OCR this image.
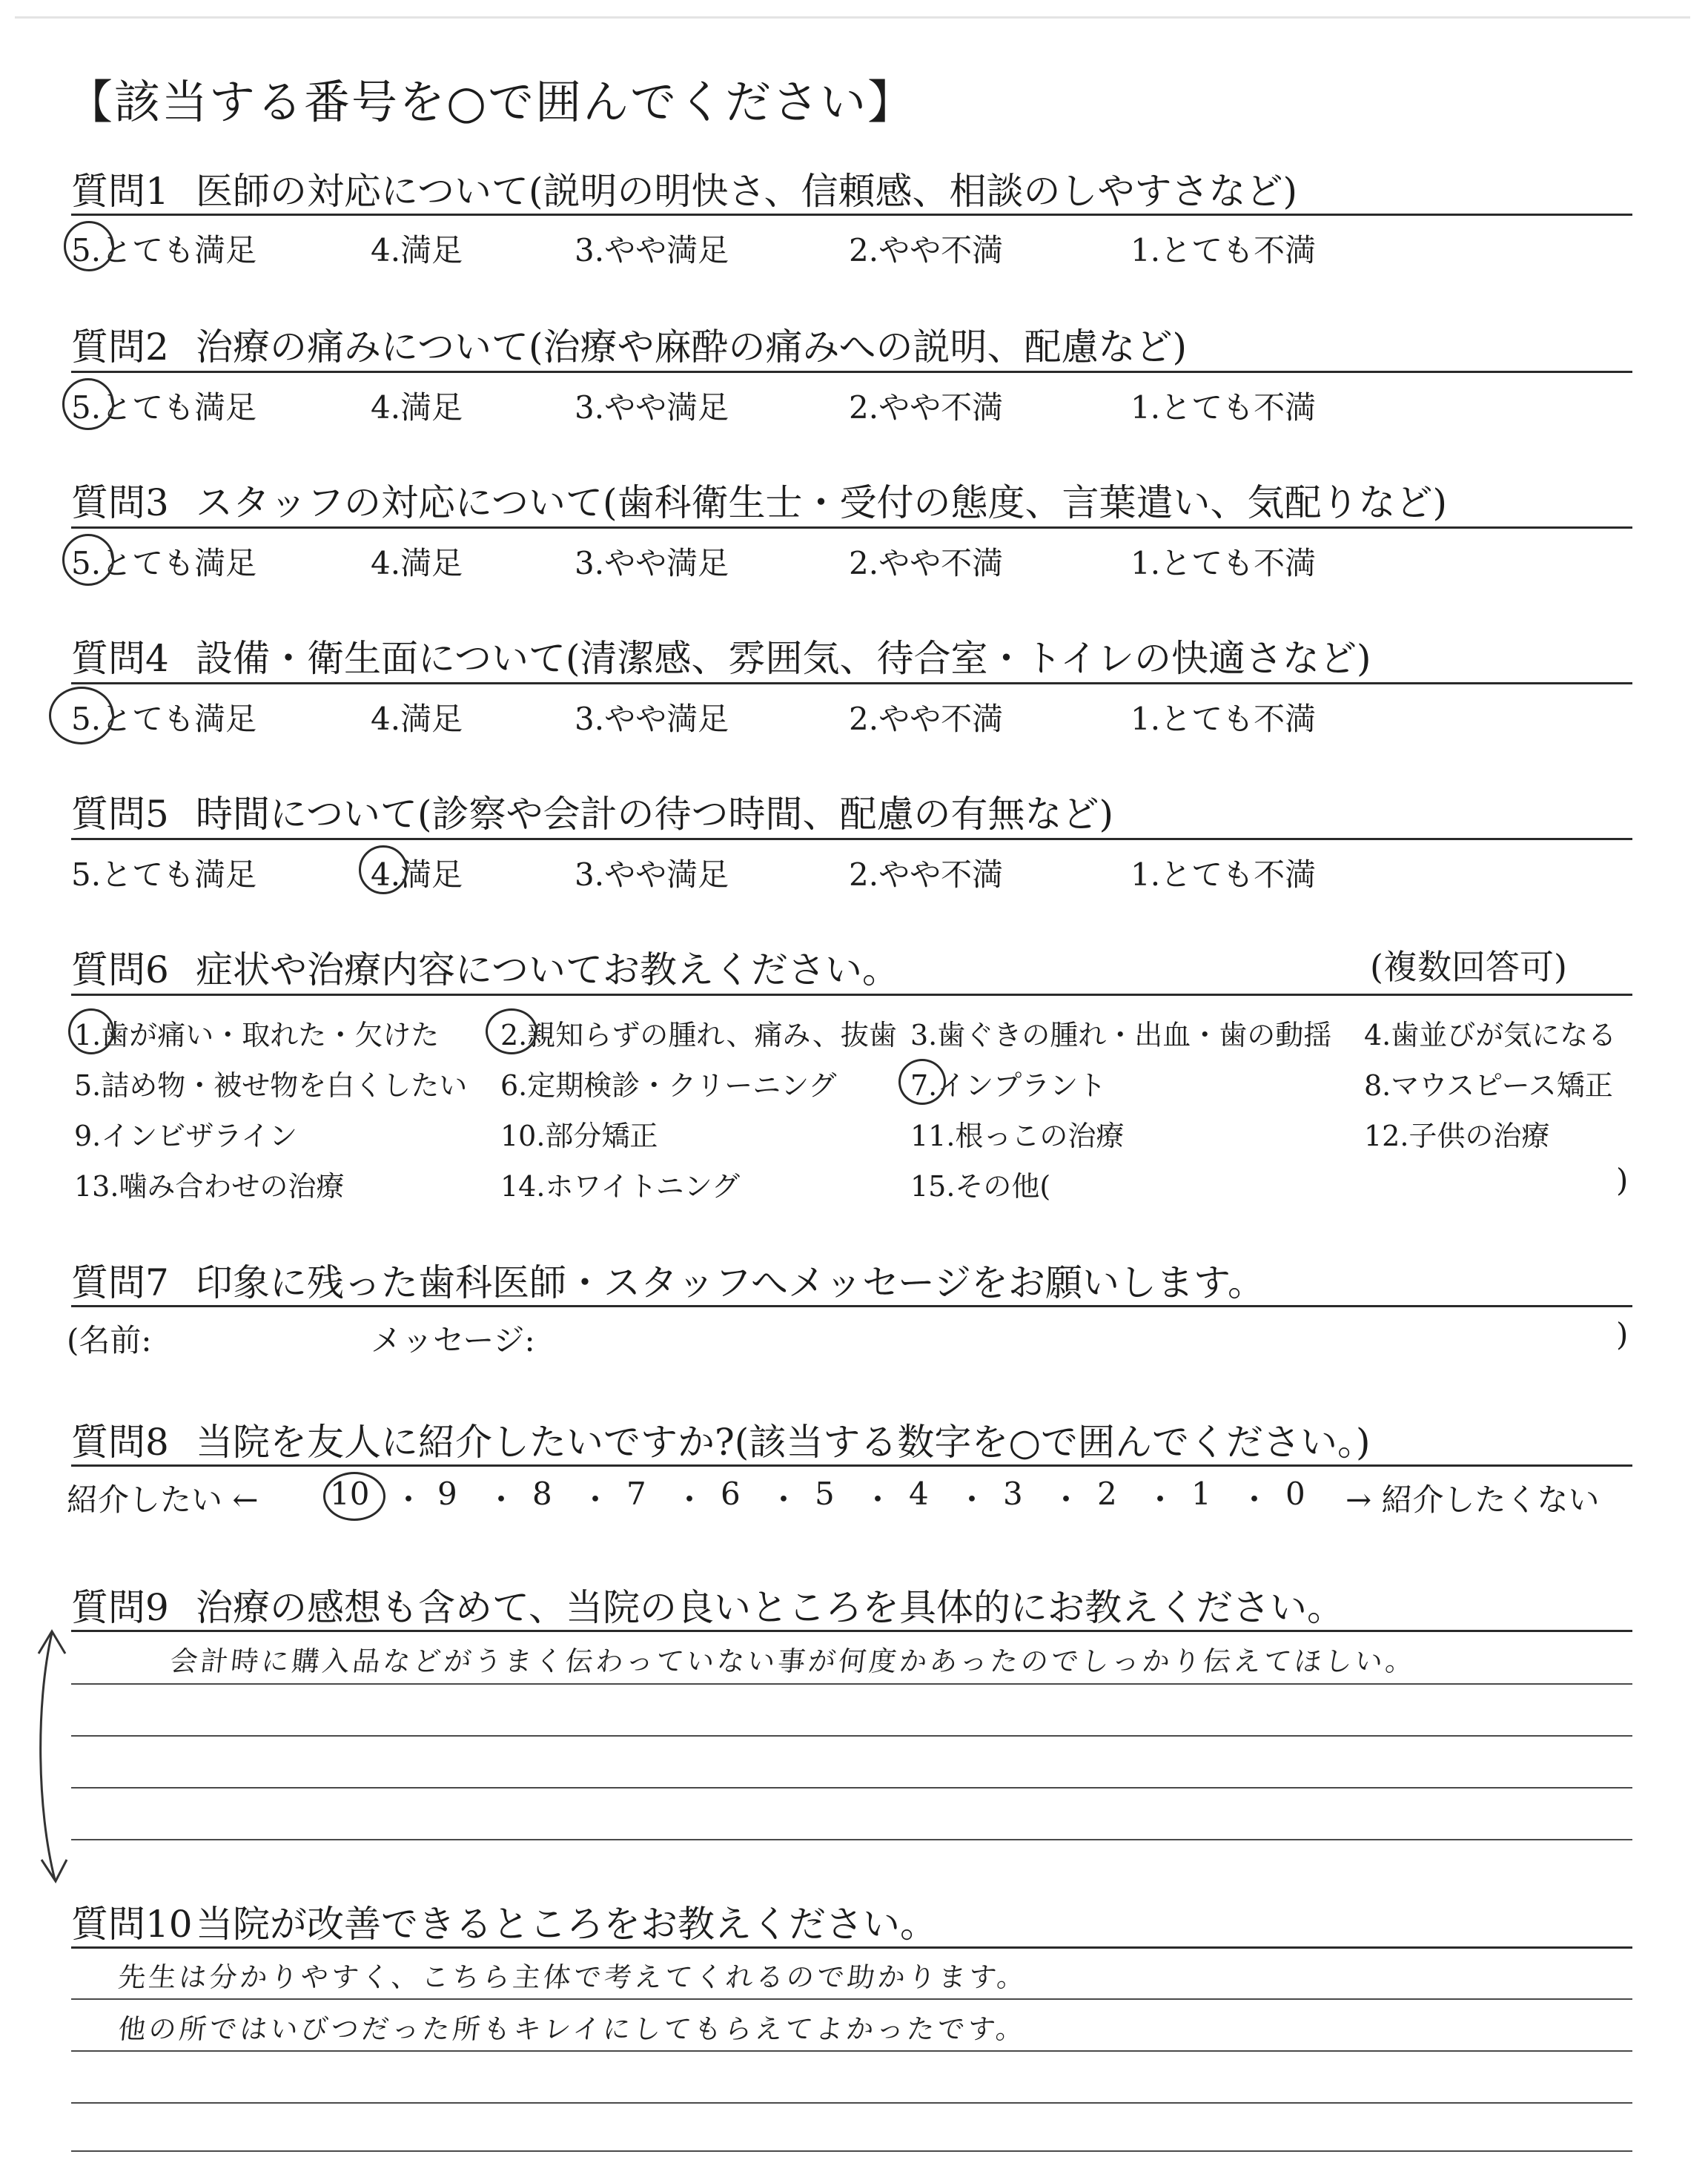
【該当する番号を○で囲んでください】
質問1 医師の対応について(説明の明快さ、信頼感、相談のしやすさなど)
5.とても満足	4.満足	3.やや満足	2.やや不満	1.とても不満
質問2 治療の痛みについて(治療や麻酔の痛みへの説明、配慮など)
5.とても満足	4.満足	3.やや満足	2.やや不満	1.とても不満
質問3 スタッフの対応について(歯科衛生士・受付の態度、言葉遣い、気配りなど)
5.とても満足	4.満足	3.やや満足	2.やや不満	1.とても不満
質問4 設備・衛生面について(清潔感、雰囲気、待合室・トイレの快適さなど)
5.とても満足	4.満足	3.やや満足	2.やや不満	1.とても不満
質問5 時間について(診察や会計の待つ時間、配慮の有無など)
5.とても満足	4.満足	3.やや満足	2.やや不満	1.とても不満
質問6 症状や治療内容についてお教えください。	(複数回答可)
1.歯が痛い・取れた・欠けた 2.親知らずの腫れ、痛み、抜歯 3.歯ぐきの腫れ・出血・歯の動揺 4.歯並びが気になる
5.詰め物・被せ物を白くしたい 6.定期検診・クリーニング	7.インプラント	8.マウスピース矯正
9.インビザライン	10.部分矯正	11.根っこの治療	12.子供の治療
13.噛み合わせの治療	14.ホワイトニング	15.その他(	)
質問7 印象に残った歯科医師・スタッフへメッセージをお願いします。
(名前:	メッセージ:	)
質問8 当院を友人に紹介したいですか?(該当する数字を○で囲んでください。)
紹介したい ←	→ 紹介したくない
10 ・ 9 ・ 8 ・ 7 ・ 6 ・ 5 ・ 4 ・ 3 ・ 2 ・ 1 ・ 0
質問9 治療の感想も含めて、当院の良いところを具体的にお教えください。
会計時に購入品などがうまく伝わっていない事が何度かあったのでしっかり伝えてほしい。
質問10当院が改善できるところをお教えください。
先生は分かりやすく、こちら主体で考えてくれるので助かります。
他の所ではいびつだった所もキレイにしてもらえてよかったです。
